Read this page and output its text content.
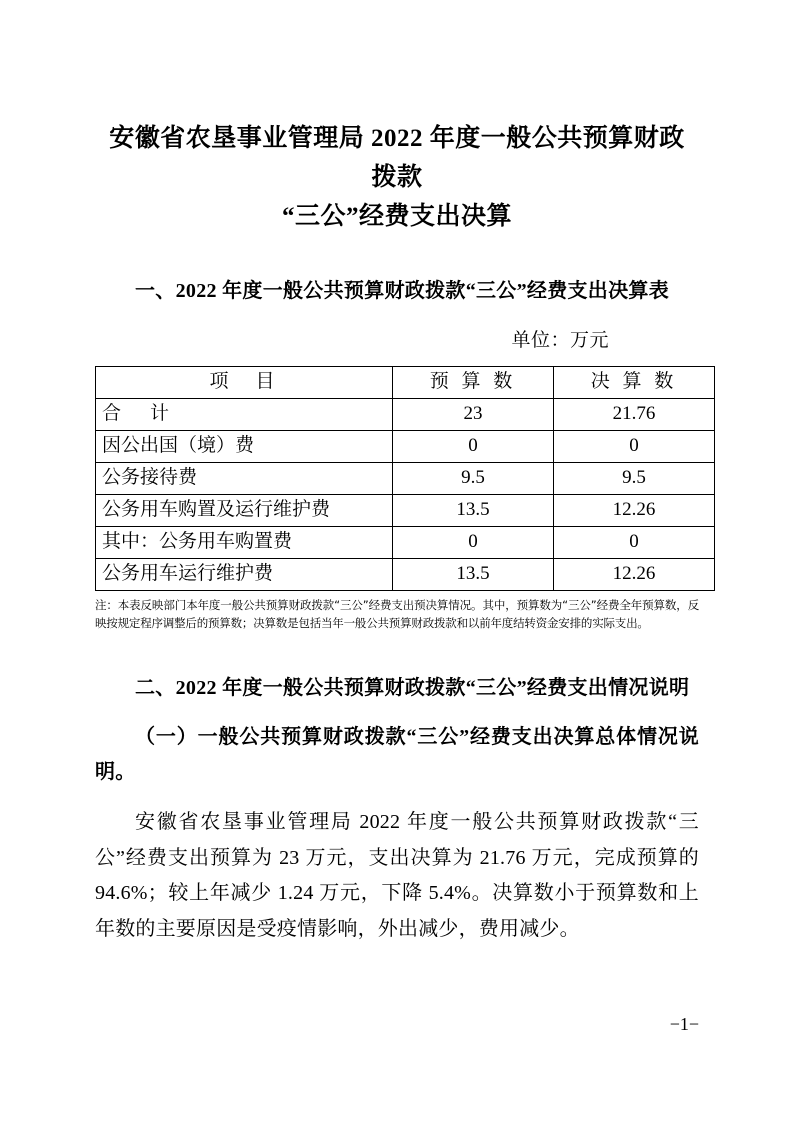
安徽省农垦事业管理局 2022 年度一般公共预算财政拨款
“三公”经费支出决算
一、2022 年度一般公共预算财政拨款“三公”经费支出决算表
单位：万元
项　目	预 算 数	决 算 数
合　计	23	21.76
因公出国（境）费	0	0
公务接待费	9.5	9.5
公务用车购置及运行维护费	13.5	12.26
其中：公务用车购置费	0	0
公务用车运行维护费	13.5	12.26
注：本表反映部门本年度一般公共预算财政拨款“三公”经费支出预决算情况。其中，预算数为“三公”经费全年预算数，反映按规定程序调整后的预算数；决算数是包括当年一般公共预算财政拨款和以前年度结转资金安排的实际支出。
二、2022 年度一般公共预算财政拨款“三公”经费支出情况说明
（一）一般公共预算财政拨款“三公”经费支出决算总体情况说明。
安徽省农垦事业管理局 2022 年度一般公共预算财政拨款“三公”经费支出预算为 23 万元，支出决算为 21.76 万元，完成预算的 94.6%；较上年减少 1.24 万元，下降 5.4%。决算数小于预算数和上年数的主要原因是受疫情影响，外出减少，费用减少。
−1−
